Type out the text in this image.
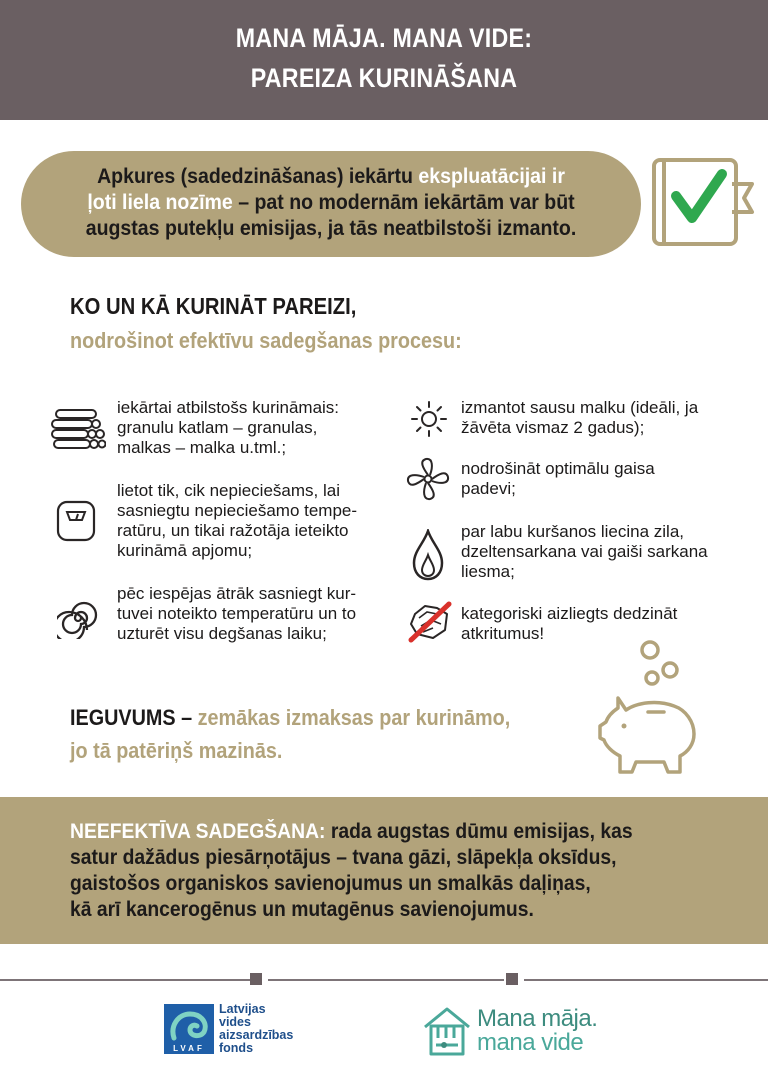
MANA MĀJA. MANA VIDE:
PAREIZA KURINĀŠANA

Apkures (sadedzināšanas) iekārtu ekspluatācijai ir

ļoti liela nozīme – pat no modernām iekārtām var būt

augstas putekļu emisijas, ja tās neatbilstoši izmanto.

KO UN KĀ KURINĀT PAREIZI,
nodrošinot efektīvu sadegšanas procesu:
iekārtai atbilstošs kurināmais:
granulu katlam – granulas,
malkas – malka u.tml.;
lietot tik, cik nepieciešams, lai
sasniegtu nepieciešamo tempe-
ratūru, un tikai ražotāja ieteikto
kurināmā apjomu;
pēc iespējas ātrāk sasniegt kur-
tuvei noteikto temperatūru un to
uzturēt visu degšanas laiku;
izmantot sausu malku (ideāli, ja
žāvēta vismaz 2 gadus);
nodrošināt optimālu gaisa
padevi;
par labu kuršanos liecina zila,
dzeltensarkana vai gaiši sarkana
liesma;
kategoriski aizliegts dedzināt
atkritumus!
IEGUVUMS – zemākas izmaksas par kurināmo,
jo tā patēriņš mazinās.

NEEFEKTĪVA SADEGŠANA: rada augstas dūmu emisijas, kas
satur dažādus piesārņotājus – tvana gāzi, slāpekļa oksīdus,
gaistošos organiskos savienojumus un smalkās daļiņas,
kā arī kancerogēnus un mutagēnus savienojumus.

LVAF
Latvijas
vides
aizsardzības
fonds
Mana māja.
mana vide
